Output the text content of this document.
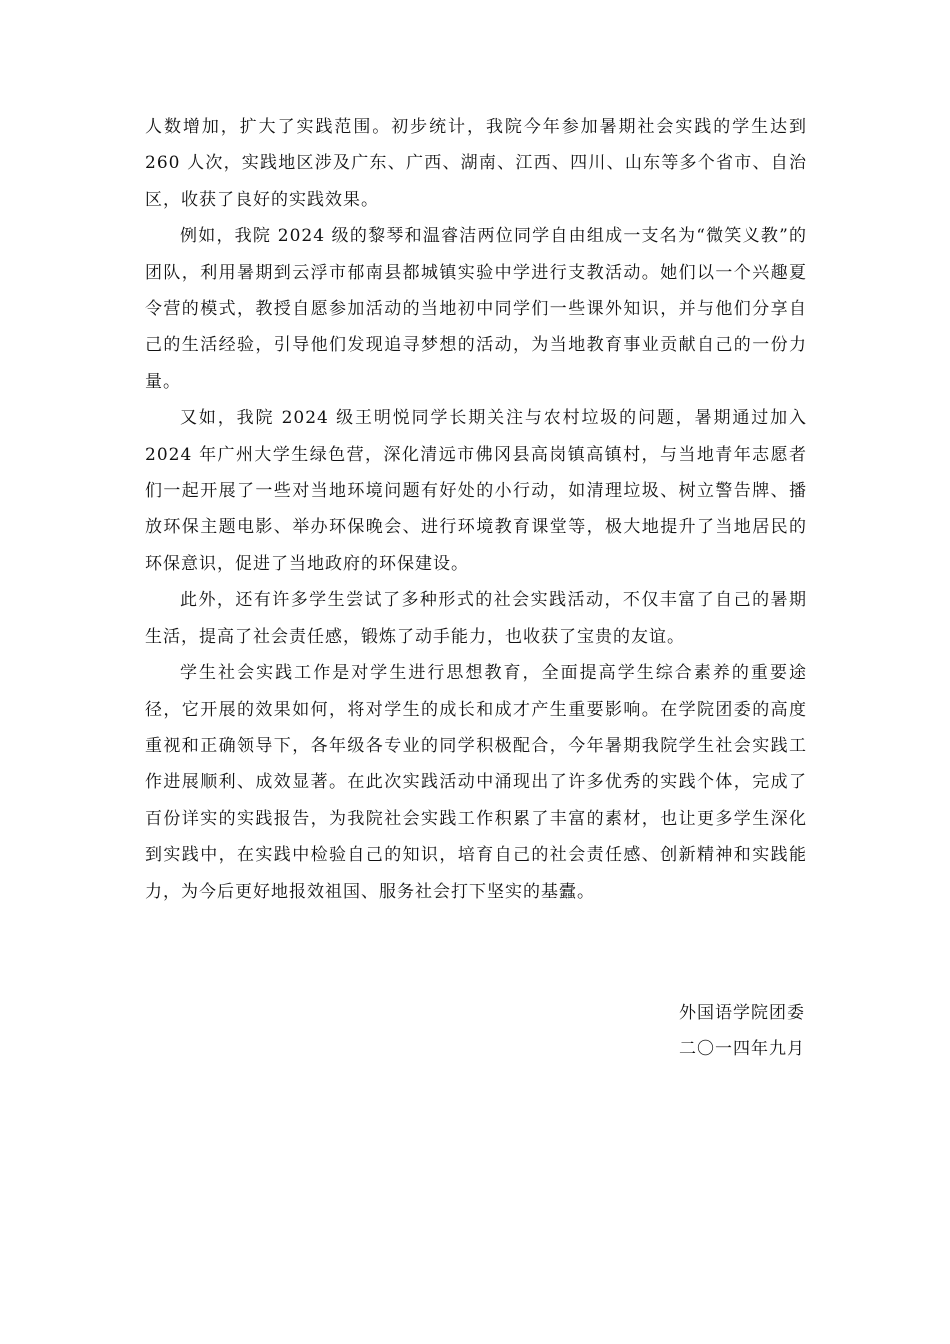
人数增加，扩大了实践范围。初步统计，我院今年参加暑期社会实践的学生达到 260 人次，实践地区涉及广东、广西、湖南、江西、四川、山东等多个省市、自治区，收获了良好的实践效果。

例如，我院 2024 级的黎琴和温睿洁两位同学自由组成一支名为“微笑义教”的团队，利用暑期到云浮市郁南县都城镇实验中学进行支教活动。她们以一个兴趣夏令营的模式，教授自愿参加活动的当地初中同学们一些课外知识，并与他们分享自己的生活经验，引导他们发现追寻梦想的活动，为当地教育事业贡献自己的一份力量。

又如，我院 2024 级王明悦同学长期关注与农村垃圾的问题，暑期通过加入 2024 年广州大学生绿色营，深化清远市佛冈县高岗镇高镇村，与当地青年志愿者们一起开展了一些对当地环境问题有好处的小行动，如清理垃圾、树立警告牌、播放环保主题电影、举办环保晚会、进行环境教育课堂等，极大地提升了当地居民的环保意识，促进了当地政府的环保建设。

此外，还有许多学生尝试了多种形式的社会实践活动，不仅丰富了自己的暑期生活，提高了社会责任感，锻炼了动手能力，也收获了宝贵的友谊。

学生社会实践工作是对学生进行思想教育，全面提高学生综合素养的重要途径，它开展的效果如何，将对学生的成长和成才产生重要影响。在学院团委的高度重视和正确领导下，各年级各专业的同学积极配合，今年暑期我院学生社会实践工作进展顺利、成效显著。在此次实践活动中涌现出了许多优秀的实践个体，完成了百份详实的实践报告，为我院社会实践工作积累了丰富的素材，也让更多学生深化到实践中，在实践中检验自己的知识，培育自己的社会责任感、创新精神和实践能力，为今后更好地报效祖国、服务社会打下坚实的基蠹。

外国语学院团委
二〇一四年九月
